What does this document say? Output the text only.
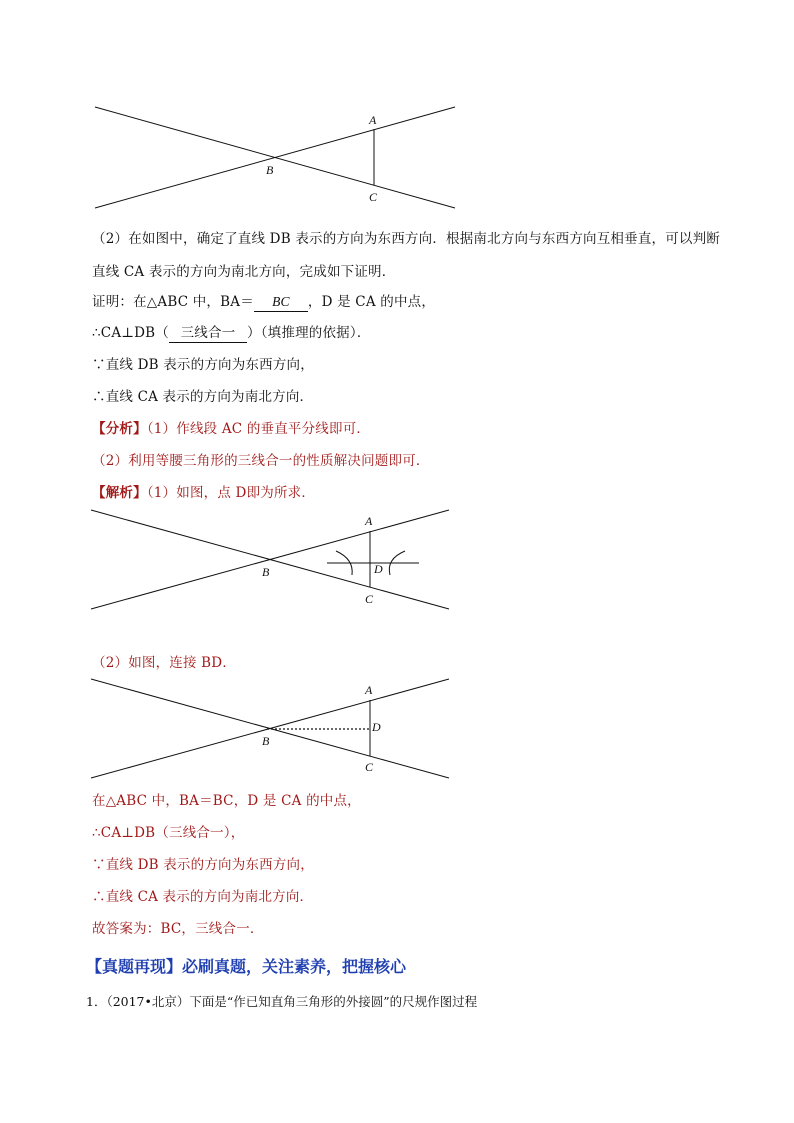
A
B
C
（2）在如图中，确定了直线 DB 表示的方向为东西方向．根据南北方向与东西方向互相垂直，可以判断
直线 CA 表示的方向为南北方向，完成如下证明．
证明：在△ABC 中，BA＝ BC ，D 是 CA 的中点，
∴CA⊥DB（ 三线合一 ）（填推理的依据）．
∵直线 DB 表示的方向为东西方向，
∴直线 CA 表示的方向为南北方向．
【分析】（1）作线段 AC 的垂直平分线即可．
（2）利用等腰三角形的三线合一的性质解决问题即可．
【解析】（1）如图，点 D即为所求．
A
B	D
C
（2）如图，连接 BD．
A
B
D
C
在△ABC 中，BA＝BC，D 是 CA 的中点，
∴CA⊥DB（三线合一），
∵直线 DB 表示的方向为东西方向，
∴直线 CA 表示的方向为南北方向．
故答案为：BC，三线合一．
【真题再现】必刷真题，关注素养，把握核心
1．（2017•北京）下面是“作已知直角三角形的外接圆”的尺规作图过程
